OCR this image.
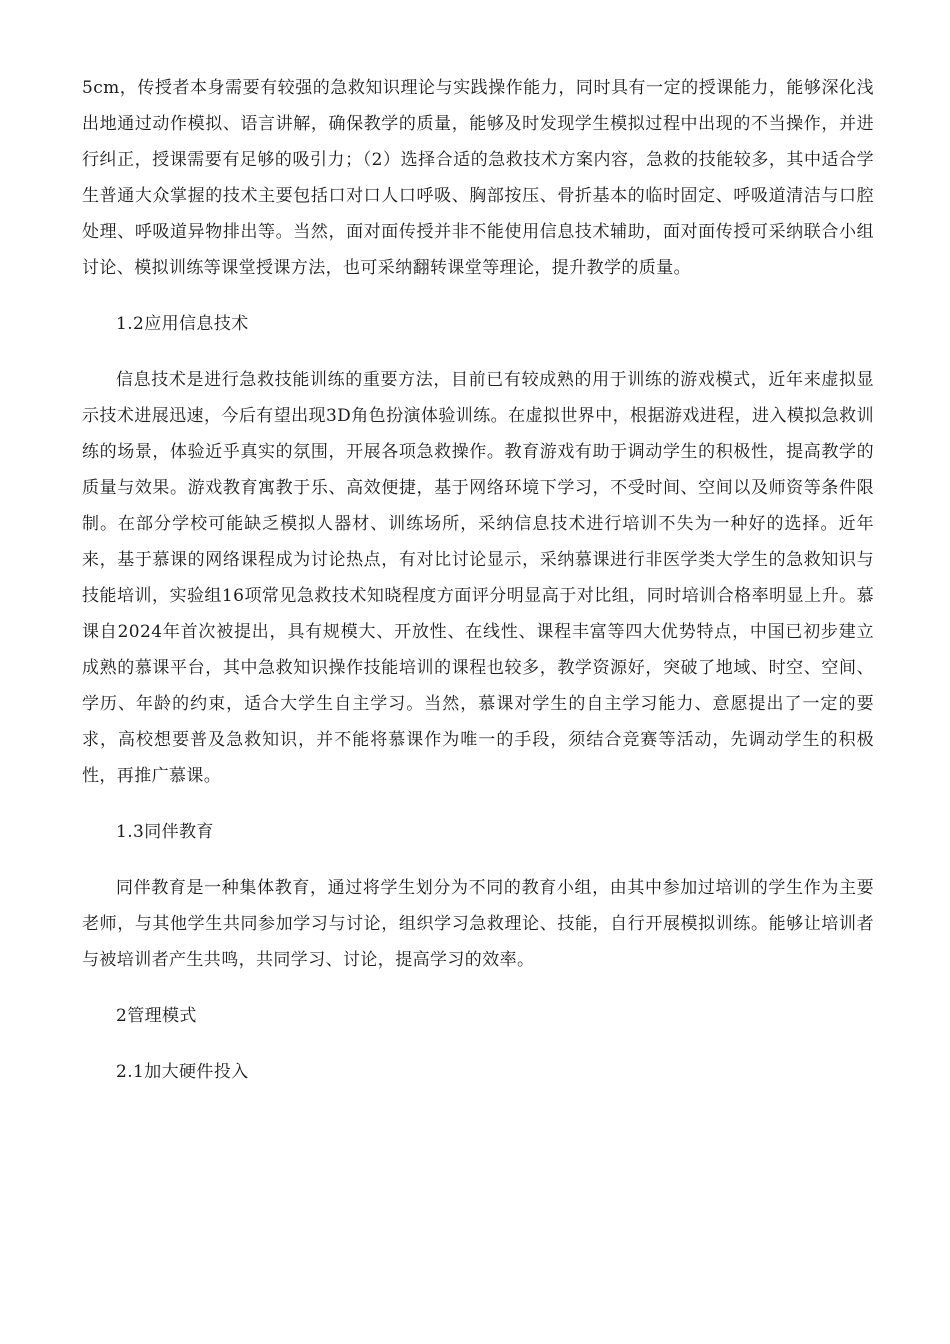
5cm，传授者本身需要有较强的急救知识理论与实践操作能力，同时具有一定的授课能力，能够深化浅出地通过动作模拟、语言讲解，确保教学的质量，能够及时发现学生模拟过程中出现的不当操作，并进行纠正，授课需要有足够的吸引力；（2）选择合适的急救技术方案内容，急救的技能较多，其中适合学生普通大众掌握的技术主要包括口对口人口呼吸、胸部按压、骨折基本的临时固定、呼吸道清洁与口腔处理、呼吸道异物排出等。当然，面对面传授并非不能使用信息技术辅助，面对面传授可采纳联合小组讨论、模拟训练等课堂授课方法，也可采纳翻转课堂等理论，提升教学的质量。

1.2应用信息技术

信息技术是进行急救技能训练的重要方法，目前已有较成熟的用于训练的游戏模式，近年来虚拟显示技术进展迅速，今后有望出现3D角色扮演体验训练。在虚拟世界中，根据游戏进程，进入模拟急救训练的场景，体验近乎真实的氛围，开展各项急救操作。教育游戏有助于调动学生的积极性，提高教学的质量与效果。游戏教育寓教于乐、高效便捷，基于网络环境下学习，不受时间、空间以及师资等条件限制。在部分学校可能缺乏模拟人器材、训练场所，采纳信息技术进行培训不失为一种好的选择。近年来，基于慕课的网络课程成为讨论热点，有对比讨论显示，采纳慕课进行非医学类大学生的急救知识与技能培训，实验组16项常见急救技术知晓程度方面评分明显高于对比组，同时培训合格率明显上升。慕课自2024年首次被提出，具有规模大、开放性、在线性、课程丰富等四大优势特点，中国已初步建立成熟的慕课平台，其中急救知识操作技能培训的课程也较多，教学资源好，突破了地域、时空、空间、学历、年龄的约束，适合大学生自主学习。当然，慕课对学生的自主学习能力、意愿提出了一定的要求，高校想要普及急救知识，并不能将慕课作为唯一的手段，须结合竞赛等活动，先调动学生的积极性，再推广慕课。

1.3同伴教育

同伴教育是一种集体教育，通过将学生划分为不同的教育小组，由其中参加过培训的学生作为主要老师，与其他学生共同参加学习与讨论，组织学习急救理论、技能，自行开展模拟训练。能够让培训者与被培训者产生共鸣，共同学习、讨论，提高学习的效率。

2管理模式

2.1加大硬件投入
